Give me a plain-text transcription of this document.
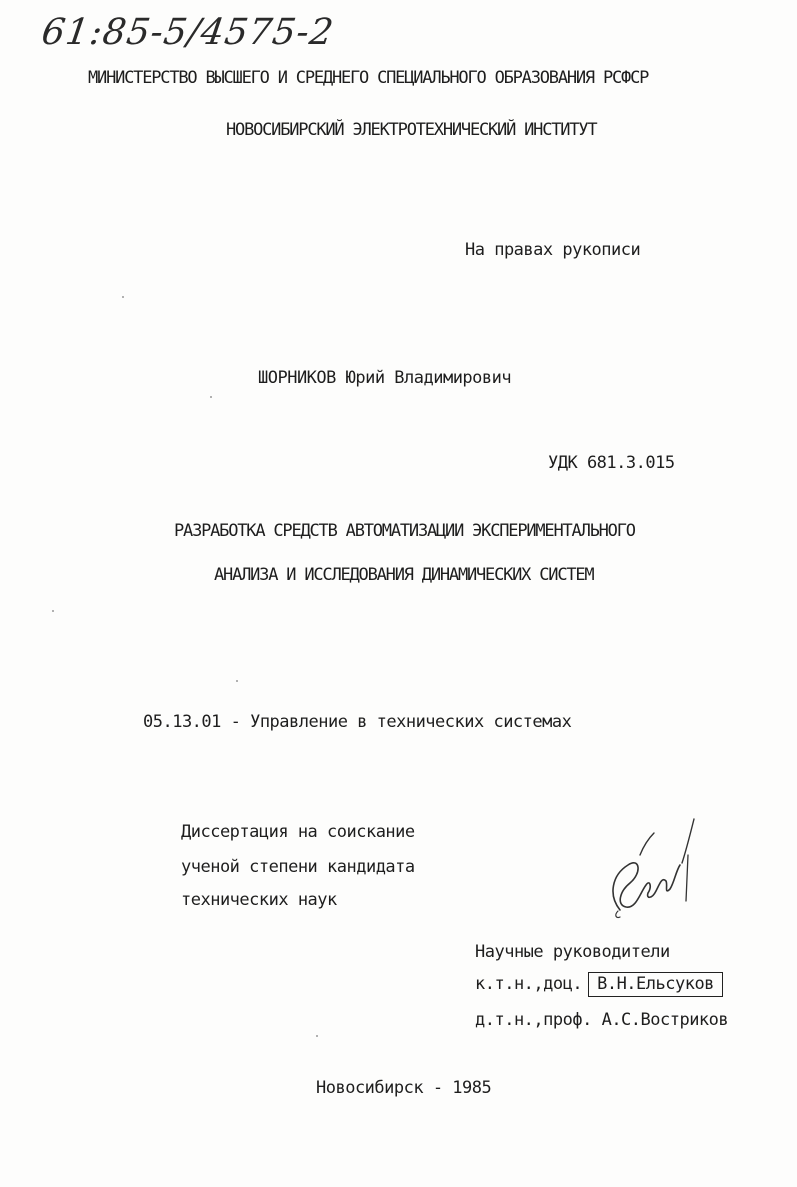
61:85-5/4575-2
МИНИСТЕРСТВО ВЫСШЕГО И СРЕДНЕГО СПЕЦИАЛЬНОГО ОБРАЗОВАНИЯ РСФСР
НОВОСИБИРСКИЙ ЭЛЕКТРОТЕХНИЧЕСКИЙ ИНСТИТУТ
На правах рукописи
ШОРНИКОВ Юрий Владимирович
УДК 681.3.015
РАЗРАБОТКА СРЕДСТВ АВТОМАТИЗАЦИИ ЭКСПЕРИМЕНТАЛЬНОГО
АНАЛИЗА И ИССЛЕДОВАНИЯ ДИНАМИЧЕСКИХ СИСТЕМ
05.13.01 - Управление в технических системах
Диссертация на соискание
ученой степени кандидата
технических наук
Научные руководители
к.т.н.,доц. В.Н.Ельсуков
д.т.н.,проф. А.С.Востриков
Новосибирск - 1985
